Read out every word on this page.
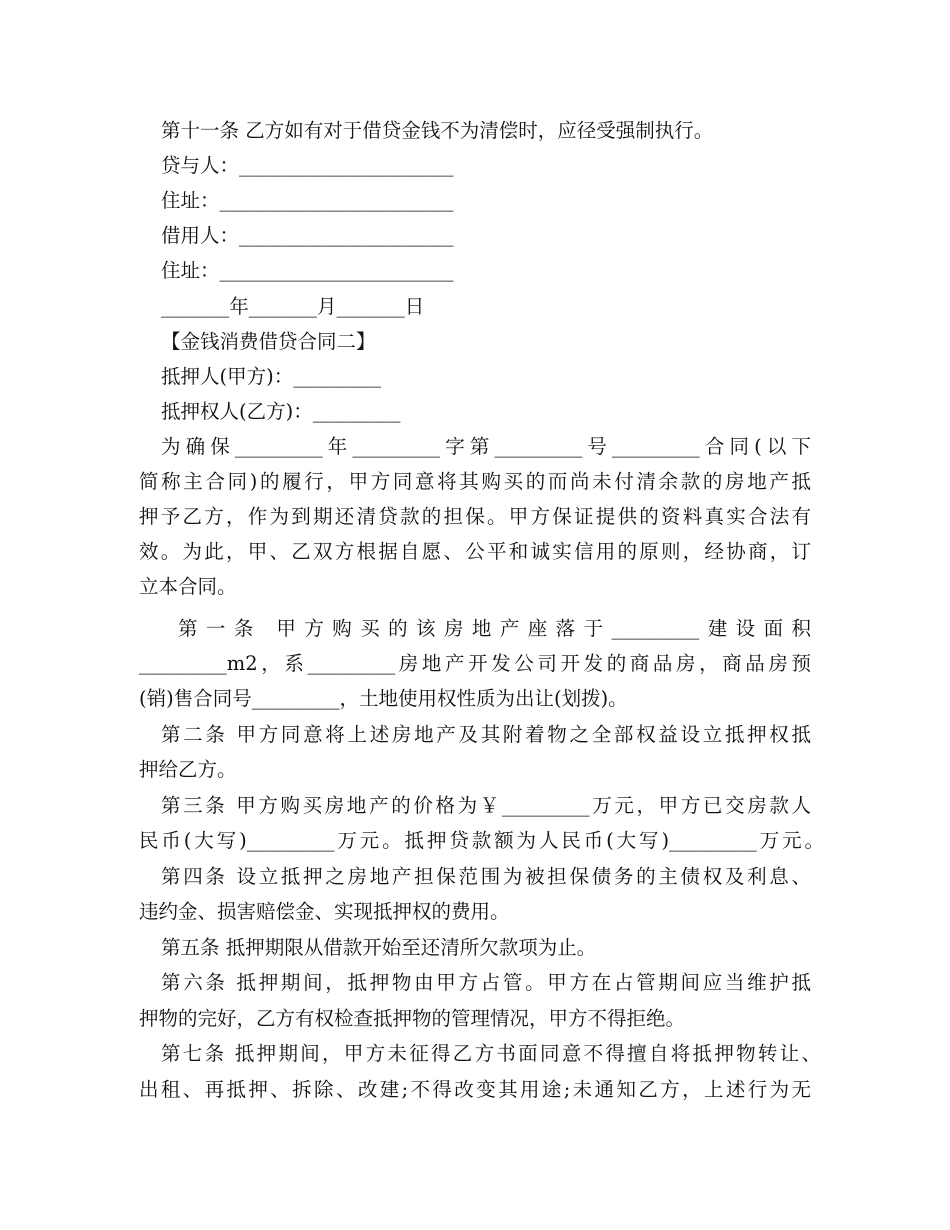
第十一条 乙方如有对于借贷金钱不为清偿时，应径受强制执行。
贷与人：______________________
住址：________________________
借用人：______________________
住址：________________________
_______年_______月_______日
【金钱消费借贷合同二】
抵押人(甲方)：_________
抵押权人(乙方)：_________
为确保_________年_________字第_________号_________合同(以下
简称主合同)的履行，甲方同意将其购买的而尚未付清余款的房地产抵
押予乙方，作为到期还清贷款的担保。甲方保证提供的资料真实合法有
效。为此，甲、乙双方根据自愿、公平和诚实信用的原则，经协商，订
立本合同。
第一条 甲方购买的该房地产座落于_________建设面积
_________m2，系_________房地产开发公司开发的商品房，商品房预
(销)售合同号_________，土地使用权性质为出让(划拨)。
第二条 甲方同意将上述房地产及其附着物之全部权益设立抵押权抵
押给乙方。
第三条 甲方购买房地产的价格为￥_________万元，甲方已交房款人
民币(大写)_________万元。抵押贷款额为人民币(大写)_________万元。
第四条 设立抵押之房地产担保范围为被担保债务的主债权及利息、
违约金、损害赔偿金、实现抵押权的费用。
第五条 抵押期限从借款开始至还清所欠款项为止。
第六条 抵押期间，抵押物由甲方占管。甲方在占管期间应当维护抵
押物的完好，乙方有权检查抵押物的管理情况，甲方不得拒绝。
第七条 抵押期间，甲方未征得乙方书面同意不得擅自将抵押物转让、
出租、再抵押、拆除、改建;不得改变其用途;未通知乙方，上述行为无
